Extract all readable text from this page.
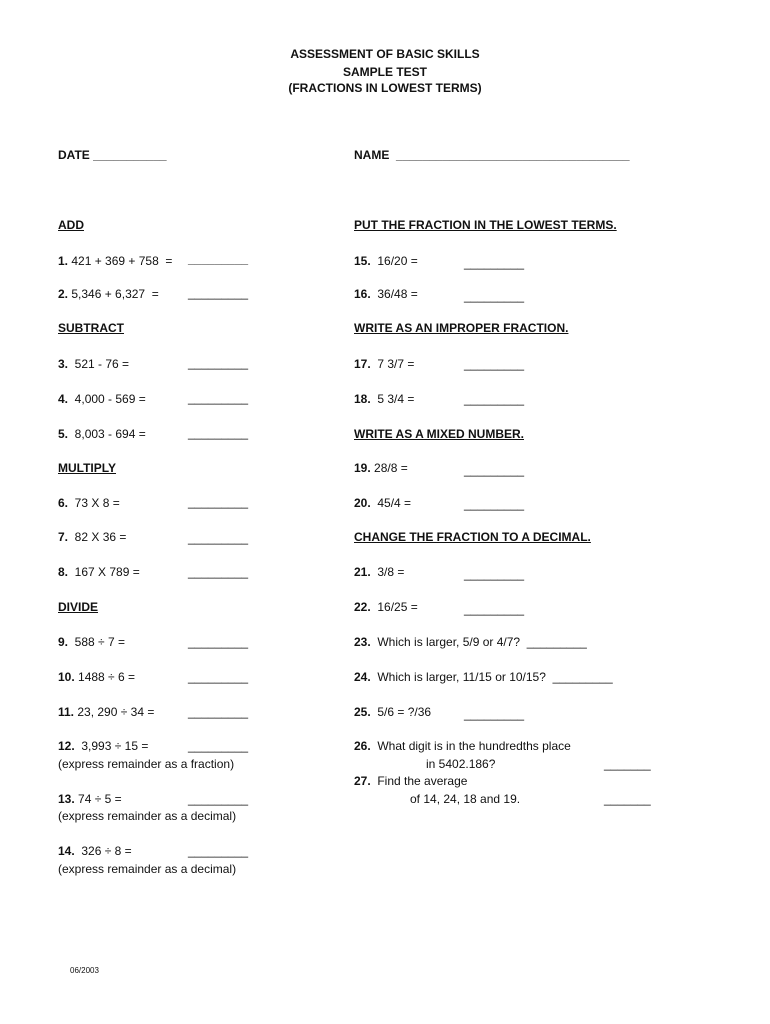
ASSESSMENT OF BASIC SKILLS
SAMPLE TEST
(FRACTIONS IN LOWEST TERMS)
DATE ___________	NAME ___________________________________
ADD
1. 421 + 369 + 758  = _________
2. 5,346 + 6,327  = _________
SUBTRACT
3.  521 - 76 =	_________
4.  4,000 - 569 =	_________
5.  8,003 - 694 =	_________
MULTIPLY
6.  73 X 8 =	_________
7.  82 X 36 =	_________
8.  167 X 789 =	_________
DIVIDE
9.  588 ÷ 7 =	_________
10. 1488 ÷ 6 =	_________
11. 23, 290 ÷ 34 =	_________
12.  3,993 ÷ 15 =	_________
(express remainder as a fraction)
13. 74 ÷ 5 =	_________
(express remainder as a decimal)
14.  326 ÷ 8 =	_________
(express remainder as a decimal)
PUT THE FRACTION IN THE LOWEST TERMS.
15.  16/20 =	_________
16.  36/48 =	_________
WRITE AS AN IMPROPER FRACTION.
17.  7 3/7 =	_________
18.  5 3/4 =	_________
WRITE AS A MIXED NUMBER.
19. 28/8 =	_________
20.  45/4 =	_________
CHANGE THE FRACTION TO A DECIMAL.
21.  3/8 =	_________
22.  16/25 =	_________
23.  Which is larger, 5/9 or 4/7?  _________
24.  Which is larger, 11/15 or 10/15?  _________
25.  5/6 = ?/36	_________
26.  What digit is in the hundredths place
in 5402.186?	_______
27.  Find the average
of 14, 24, 18 and 19.	_______
06/2003
